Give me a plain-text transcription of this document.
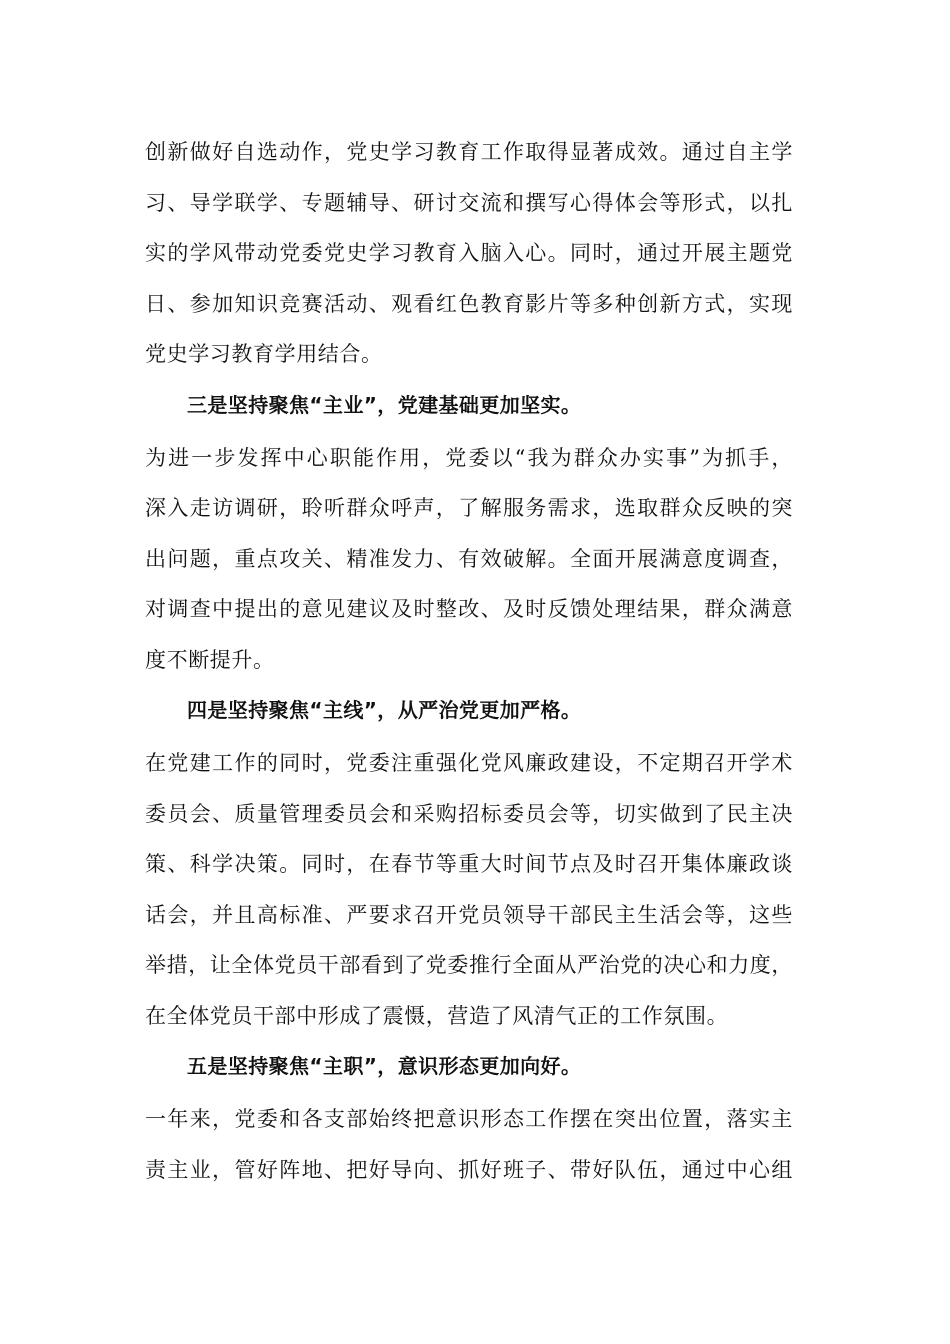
创新做好自选动作，党史学习教育工作取得显著成效。通过自主学
习、导学联学、专题辅导、研讨交流和撰写心得体会等形式，以扎
实的学风带动党委党史学习教育入脑入心。同时，通过开展主题党
日、参加知识竞赛活动、观看红色教育影片等多种创新方式，实现
党史学习教育学用结合。
三是坚持聚焦“主业”，党建基础更加坚实。
为进一步发挥中心职能作用，党委以“我为群众办实事”为抓手，
深入走访调研，聆听群众呼声，了解服务需求，选取群众反映的突
出问题，重点攻关、精准发力、有效破解。全面开展满意度调查，
对调查中提出的意见建议及时整改、及时反馈处理结果，群众满意
度不断提升。
四是坚持聚焦“主线”，从严治党更加严格。
在党建工作的同时，党委注重强化党风廉政建设，不定期召开学术
委员会、质量管理委员会和采购招标委员会等，切实做到了民主决
策、科学决策。同时，在春节等重大时间节点及时召开集体廉政谈
话会，并且高标准、严要求召开党员领导干部民主生活会等，这些
举措，让全体党员干部看到了党委推行全面从严治党的决心和力度，
在全体党员干部中形成了震慑，营造了风清气正的工作氛围。
五是坚持聚焦“主职”，意识形态更加向好。
一年来，党委和各支部始终把意识形态工作摆在突出位置，落实主
责主业，管好阵地、把好导向、抓好班子、带好队伍，通过中心组
